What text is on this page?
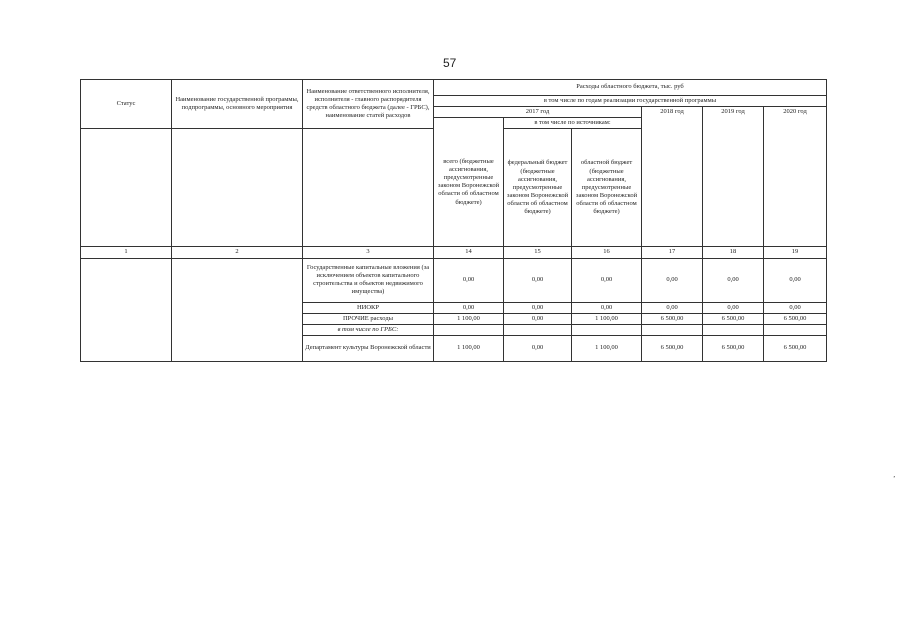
57
Статус	Наименование государственной программы, подпрограммы, основного мероприятия	Наименование ответственного исполнителя, исполнителя - главного распорядителя средств областного бюджета (далее - ГРБС), наименование статей расходов	Расходы областного бюджета, тыс. руб					
			в том числе по годам реализации государственной программы					
			2017 год			2018 год	2019 год	2020 год
			всего (бюджетные ассигнования, предусмотренные законом Воронежской области об областном бюджете)	в том числе по источникам:				
				федеральный бюджет (бюджетные ассигнования, предусмотренные законом Воронежской области об областном бюджете)	областной бюджет (бюджетные ассигнования, предусмотренные законом Воронежской области об областном бюджете)			
1	2	3	14	15	16	17	18	19
		Государственные капитальные вложения (за исключением объектов капитального строительства и объектов недвижимого имущества)	0,00	0,00	0,00	0,00	0,00	0,00
		НИОКР	0,00	0,00	0,00	0,00	0,00	0,00
		ПРОЧИЕ расходы	1 100,00	0,00	1 100,00	6 500,00	6 500,00	6 500,00
		в том числе по ГРБС:						
		Департамент культуры Воронежской области	1 100,00	0,00	1 100,00	6 500,00	6 500,00	6 500,00
‚
